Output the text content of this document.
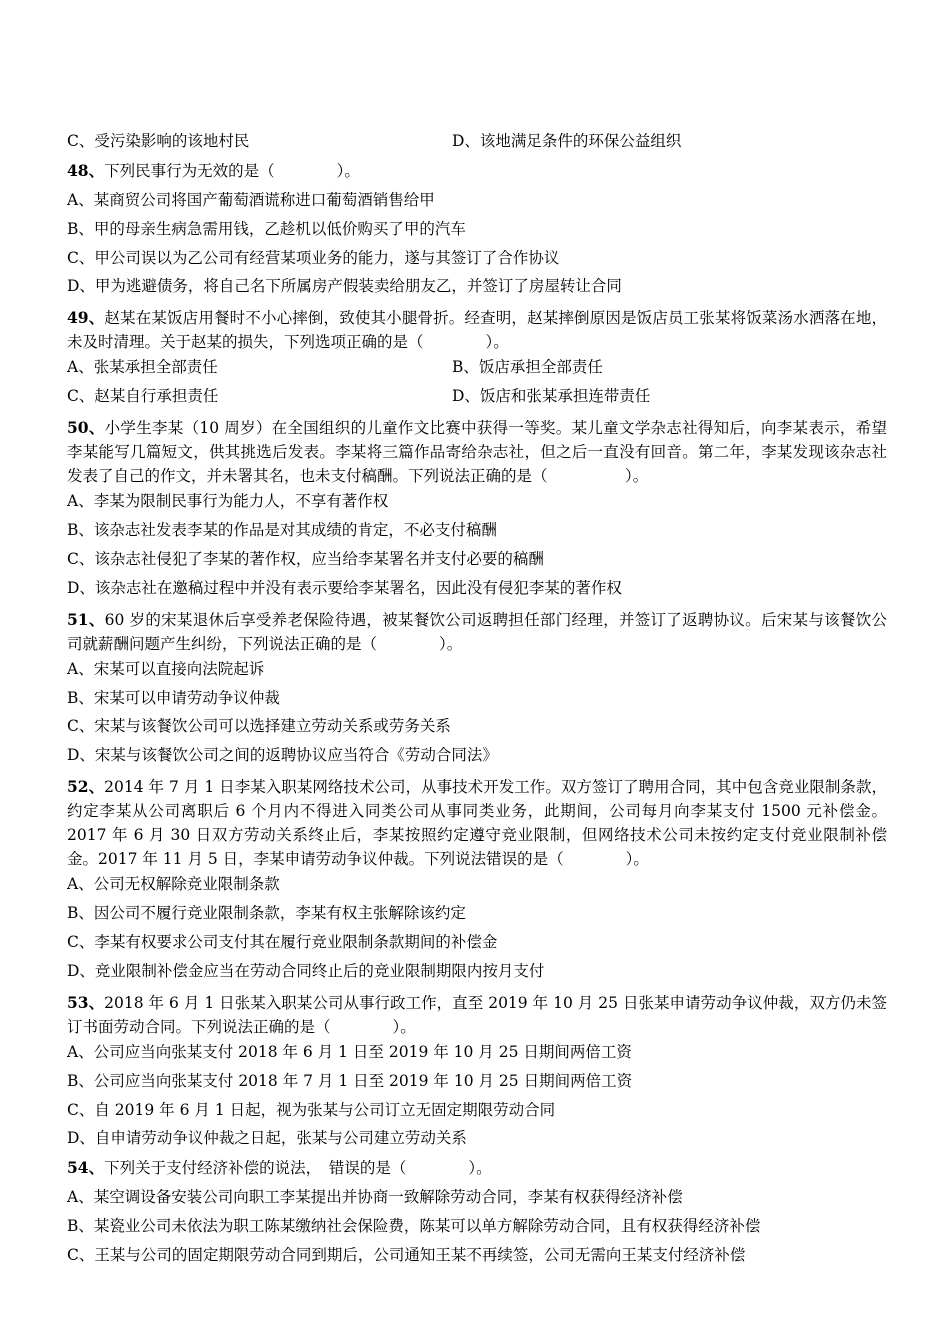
C、受污染影响的该地村民	D、该地满足条件的环保公益组织
48、下列民事行为无效的是（　　　　）。
A、某商贸公司将国产葡萄酒谎称进口葡萄酒销售给甲
B、甲的母亲生病急需用钱，乙趁机以低价购买了甲的汽车
C、甲公司误以为乙公司有经营某项业务的能力，遂与其签订了合作协议
D、甲为逃避债务，将自己名下所属房产假装卖给朋友乙，并签订了房屋转让合同
49、赵某在某饭店用餐时不小心摔倒，致使其小腿骨折。经查明，赵某摔倒原因是饭店员工张某将饭菜汤水洒落在地，未及时清理。关于赵某的损失，下列选项正确的是（　　　　）。
A、张某承担全部责任	B、饭店承担全部责任
C、赵某自行承担责任	D、饭店和张某承担连带责任
50、小学生李某（10 周岁）在全国组织的儿童作文比赛中获得一等奖。某儿童文学杂志社得知后，向李某表示，希望李某能写几篇短文，供其挑选后发表。李某将三篇作品寄给杂志社，但之后一直没有回音。第二年，李某发现该杂志社发表了自己的作文，并未署其名，也未支付稿酬。下列说法正确的是（　　　　　）。
A、李某为限制民事行为能力人，不享有著作权
B、该杂志社发表李某的作品是对其成绩的肯定，不必支付稿酬
C、该杂志社侵犯了李某的著作权，应当给李某署名并支付必要的稿酬
D、该杂志社在邀稿过程中并没有表示要给李某署名，因此没有侵犯李某的著作权
51、60 岁的宋某退休后享受养老保险待遇，被某餐饮公司返聘担任部门经理，并签订了返聘协议。后宋某与该餐饮公司就薪酬问题产生纠纷，下列说法正确的是（　　　　）。
A、宋某可以直接向法院起诉
B、宋某可以申请劳动争议仲裁
C、宋某与该餐饮公司可以选择建立劳动关系或劳务关系
D、宋某与该餐饮公司之间的返聘协议应当符合《劳动合同法》
52、2014 年 7 月 1 日李某入职某网络技术公司，从事技术开发工作。双方签订了聘用合同，其中包含竞业限制条款，约定李某从公司离职后 6 个月内不得进入同类公司从事同类业务，此期间，公司每月向李某支付 1500 元补偿金。2017 年 6 月 30 日双方劳动关系终止后，李某按照约定遵守竞业限制，但网络技术公司未按约定支付竞业限制补偿金。2017 年 11 月 5 日，李某申请劳动争议仲裁。下列说法错误的是（　　　　）。
A、公司无权解除竞业限制条款
B、因公司不履行竞业限制条款，李某有权主张解除该约定
C、李某有权要求公司支付其在履行竞业限制条款期间的补偿金
D、竞业限制补偿金应当在劳动合同终止后的竞业限制期限内按月支付
53、2018 年 6 月 1 日张某入职某公司从事行政工作，直至 2019 年 10 月 25 日张某申请劳动争议仲裁，双方仍未签订书面劳动合同。下列说法正确的是（　　　　）。
A、公司应当向张某支付 2018 年 6 月 1 日至 2019 年 10 月 25 日期间两倍工资
B、公司应当向张某支付 2018 年 7 月 1 日至 2019 年 10 月 25 日期间两倍工资
C、自 2019 年 6 月 1 日起，视为张某与公司订立无固定期限劳动合同
D、自申请劳动争议仲裁之日起，张某与公司建立劳动关系
54、下列关于支付经济补偿的说法，　错误的是（　　　　）。
A、某空调设备安装公司向职工李某提出并协商一致解除劳动合同，李某有权获得经济补偿
B、某瓷业公司未依法为职工陈某缴纳社会保险费，陈某可以单方解除劳动合同，且有权获得经济补偿
C、王某与公司的固定期限劳动合同到期后，公司通知王某不再续签，公司无需向王某支付经济补偿
